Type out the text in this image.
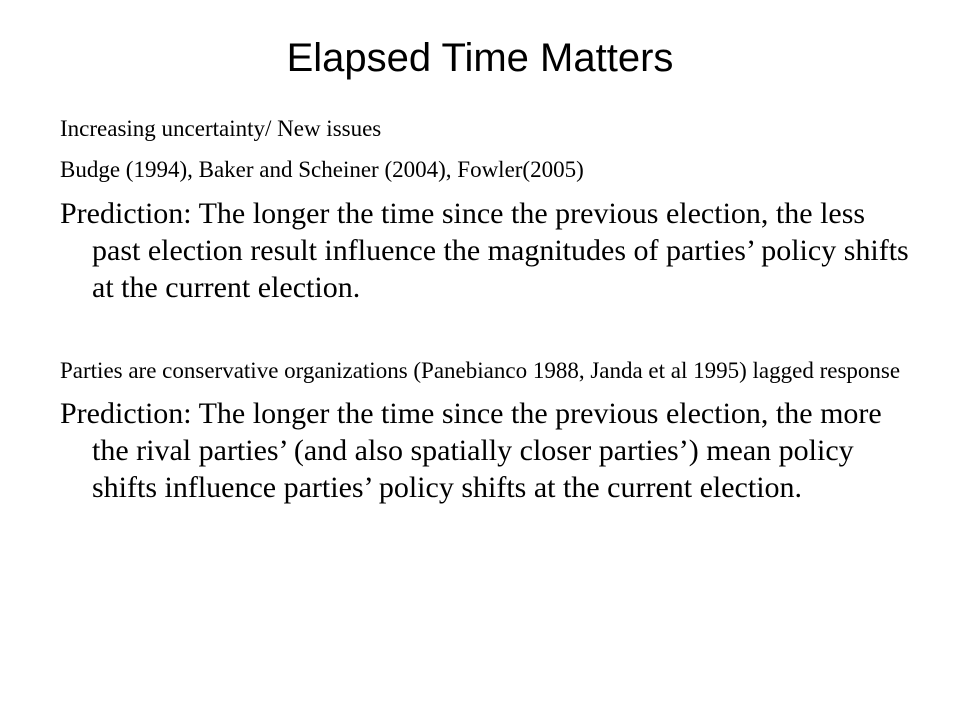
Elapsed Time Matters

Increasing uncertainty/ New issues

Budge (1994), Baker and Scheiner (2004), Fowler(2005)

Prediction: The longer the time since the previous election, the less past election result influence the magnitudes of parties’ policy shifts at the current election.

Parties are conservative organizations (Panebianco 1988, Janda et al 1995) lagged response

Prediction: The longer the time since the previous election, the more the rival parties’ (and also spatially closer parties’) mean policy shifts influence parties’ policy shifts at the current election.
